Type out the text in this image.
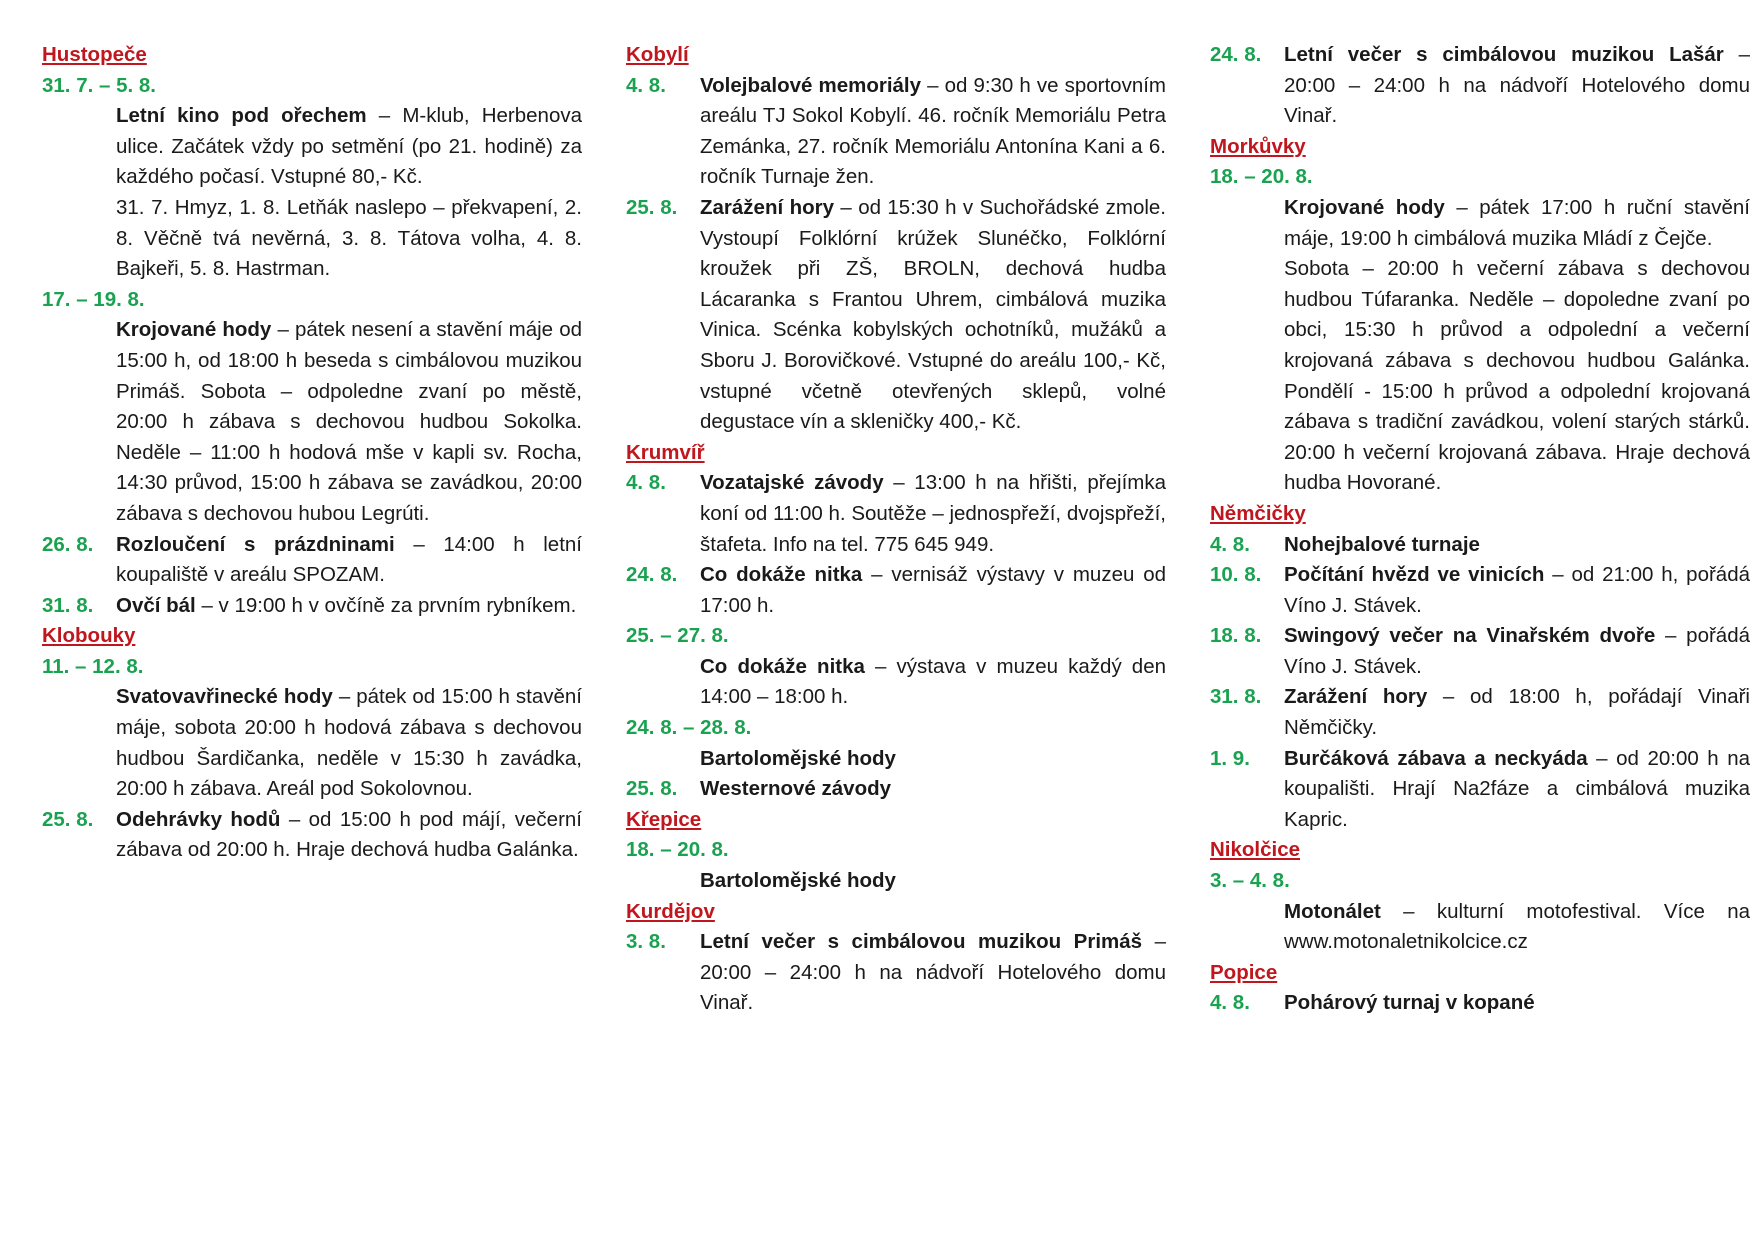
Hustopeče
31. 7. – 5. 8.
Letní kino pod ořechem – M-klub, Herbenova ulice. Začátek vždy po setmění (po 21. hodině) za každého počasí. Vstupné 80,- Kč.
31. 7. Hmyz, 1. 8. Letňák naslepo – překvapení, 2. 8. Věčně tvá nevěrná, 3. 8. Tátova volha, 4. 8. Bajkeři, 5. 8. Hastrman.
17. – 19. 8.
Krojované hody – pátek nesení a stavění máje od 15:00 h, od 18:00 h beseda s cimbálovou muzikou Primáš. Sobota – odpoledne zvaní po městě, 20:00 h zábava s dechovou hudbou Sokolka. Neděle – 11:00 h hodová mše v kapli sv. Rocha, 14:30 průvod, 15:00 h zábava se zavádkou, 20:00 zábava s dechovou hubou Legrúti.
26. 8.	Rozloučení s prázdninami – 14:00 h letní koupaliště v areálu SPOZAM.
31. 8.	Ovčí bál – v 19:00 h v ovčíně za prvním rybníkem.
Klobouky
11. – 12. 8.
Svatovavřinecké hody – pátek od 15:00 h stavění máje, sobota 20:00 h hodová zábava s dechovou hudbou Šardičanka, neděle v 15:30 h zavádka, 20:00 h zábava. Areál pod Sokolovnou.
25. 8.	Odehrávky hodů – od 15:00 h pod májí, večerní zábava od 20:00 h. Hraje dechová hudba Galánka.
Kobylí
4. 8.	Volejbalové memoriály – od 9:30 h ve sportovním areálu TJ Sokol Kobylí. 46. ročník Memoriálu Petra Zemánka, 27. ročník Memoriálu Antonína Kani a 6. ročník Turnaje žen.
25. 8.	Zarážení hory – od 15:30 h v Suchořádské zmole. Vystoupí Folklórní krúžek Slunéčko, Folklórní kroužek při ZŠ, BROLN, dechová hudba Lácaranka s Frantou Uhrem, cimbálová muzika Vinica. Scénka kobylských ochotníků, mužáků a Sboru J. Borovičkové. Vstupné do areálu 100,- Kč, vstupné včetně otevřených sklepů, volné degustace vín a skleničky 400,- Kč.
Krumvíř
4. 8.	Vozatajské závody – 13:00 h na hřišti, přejímka koní od 11:00 h. Soutěže – jednospřeží, dvojspřeží, štafeta. Info na tel. 775 645 949.
24. 8.	Co dokáže nitka – vernisáž výstavy v muzeu od 17:00 h.
25. – 27. 8.
Co dokáže nitka – výstava v muzeu každý den 14:00 – 18:00 h.
24. 8. – 28. 8.
Bartolomějské hody
25. 8.	Westernové závody
Křepice
18. – 20. 8.
Bartolomějské hody
Kurdějov
3. 8.	Letní večer s cimbálovou muzikou Primáš – 20:00 – 24:00 h na nádvoří Hotelového domu Vinař.
24. 8.	Letní večer s cimbálovou muzikou Lašár – 20:00 – 24:00 h na nádvoří Hotelového domu Vinař.
Morkůvky
18. – 20. 8.
Krojované hody – pátek 17:00 h ruční stavění máje, 19:00 h cimbálová muzika Mládí z Čejče.
Sobota – 20:00 h večerní zábava s dechovou hudbou Túfaranka. Neděle – dopoledne zvaní po obci, 15:30 h průvod a odpolední a večerní krojovaná zábava s dechovou hudbou Galánka. Pondělí - 15:00 h průvod a odpolední krojovaná zábava s tradiční zavádkou, volení starých stárků. 20:00 h večerní krojovaná zábava. Hraje dechová hudba Hovorané.
Němčičky
4. 8.	Nohejbalové turnaje
10. 8.	Počítání hvězd ve vinicích – od 21:00 h, pořádá Víno J. Stávek.
18. 8.	Swingový večer na Vinařském dvoře – pořádá Víno J. Stávek.
31. 8.	Zarážení hory – od 18:00 h, pořádají Vinaři Němčičky.
1. 9.	Burčáková zábava a neckyáda – od 20:00 h na koupališti. Hrají Na2fáze a cimbálová muzika Kapric.
Nikolčice
3. – 4. 8.
Motonálet – kulturní motofestival. Více na www.motonaletnikolcice.cz
Popice
4. 8.	Pohárový turnaj v kopané
